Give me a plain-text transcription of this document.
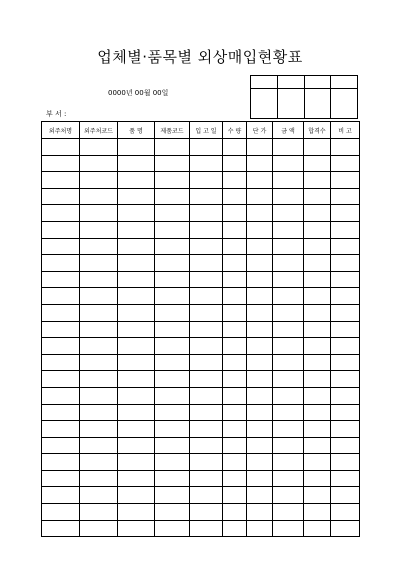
업체별·품목별 외상매입현황표
0000년 00월 00일
부 서 :

외주처명	외주처코드	품 명	제품코드	입 고 일	수 량	단 가	금 액	합격수	비 고
